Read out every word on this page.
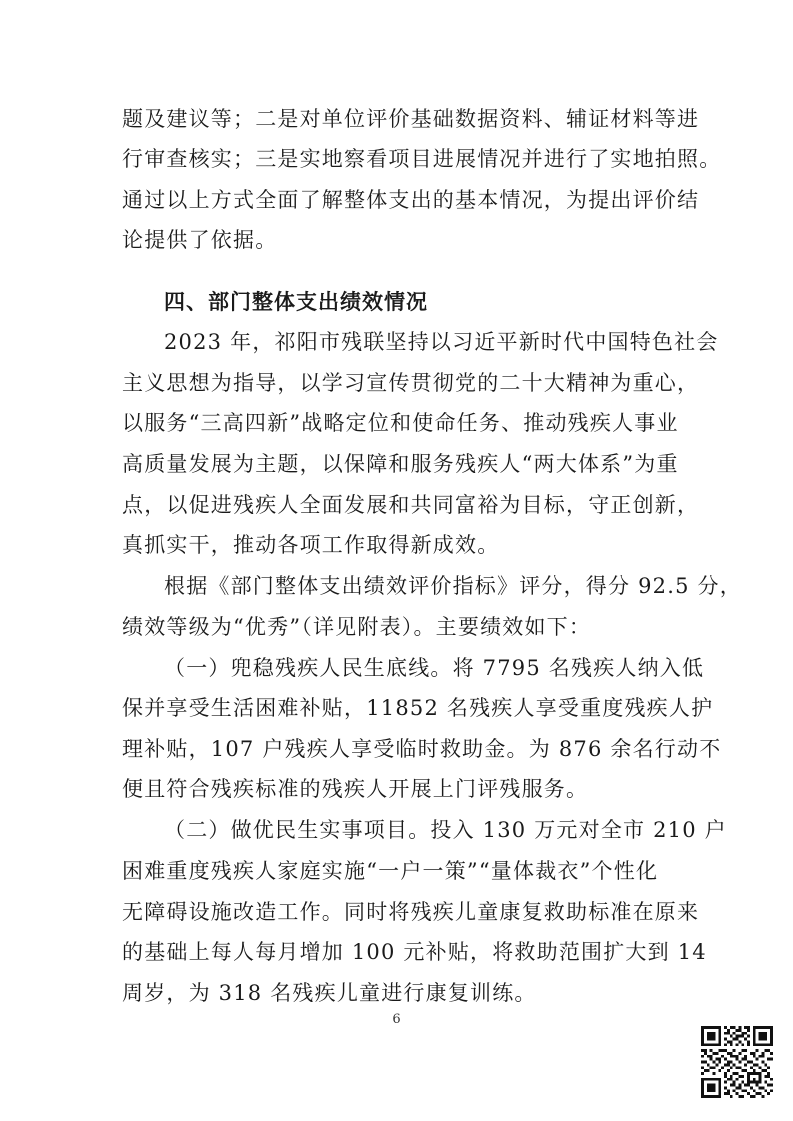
题及建议等；二是对单位评价基础数据资料、辅证材料等进
行审查核实；三是实地察看项目进展情况并进行了实地拍照。
通过以上方式全面了解整体支出的基本情况，为提出评价结
论提供了依据。
四、部门整体支出绩效情况
2023 年，祁阳市残联坚持以习近平新时代中国特色社会
主义思想为指导，以学习宣传贯彻党的二十大精神为重心，
以服务“三高四新”战略定位和使命任务、推动残疾人事业
高质量发展为主题，以保障和服务残疾人“两大体系”为重
点，以促进残疾人全面发展和共同富裕为目标，守正创新，
真抓实干，推动各项工作取得新成效。
根据《部门整体支出绩效评价指标》评分，得分 92.5 分，
绩效等级为“优秀”（详见附表）。主要绩效如下：
（一）兜稳残疾人民生底线。将 7795 名残疾人纳入低
保并享受生活困难补贴，11852 名残疾人享受重度残疾人护
理补贴，107 户残疾人享受临时救助金。为 876 余名行动不
便且符合残疾标准的残疾人开展上门评残服务。
（二）做优民生实事项目。投入 130 万元对全市 210 户
困难重度残疾人家庭实施“一户一策”“量体裁衣”个性化
无障碍设施改造工作。同时将残疾儿童康复救助标准在原来
的基础上每人每月增加 100 元补贴，将救助范围扩大到 14
周岁，为 318 名残疾儿童进行康复训练。
6
